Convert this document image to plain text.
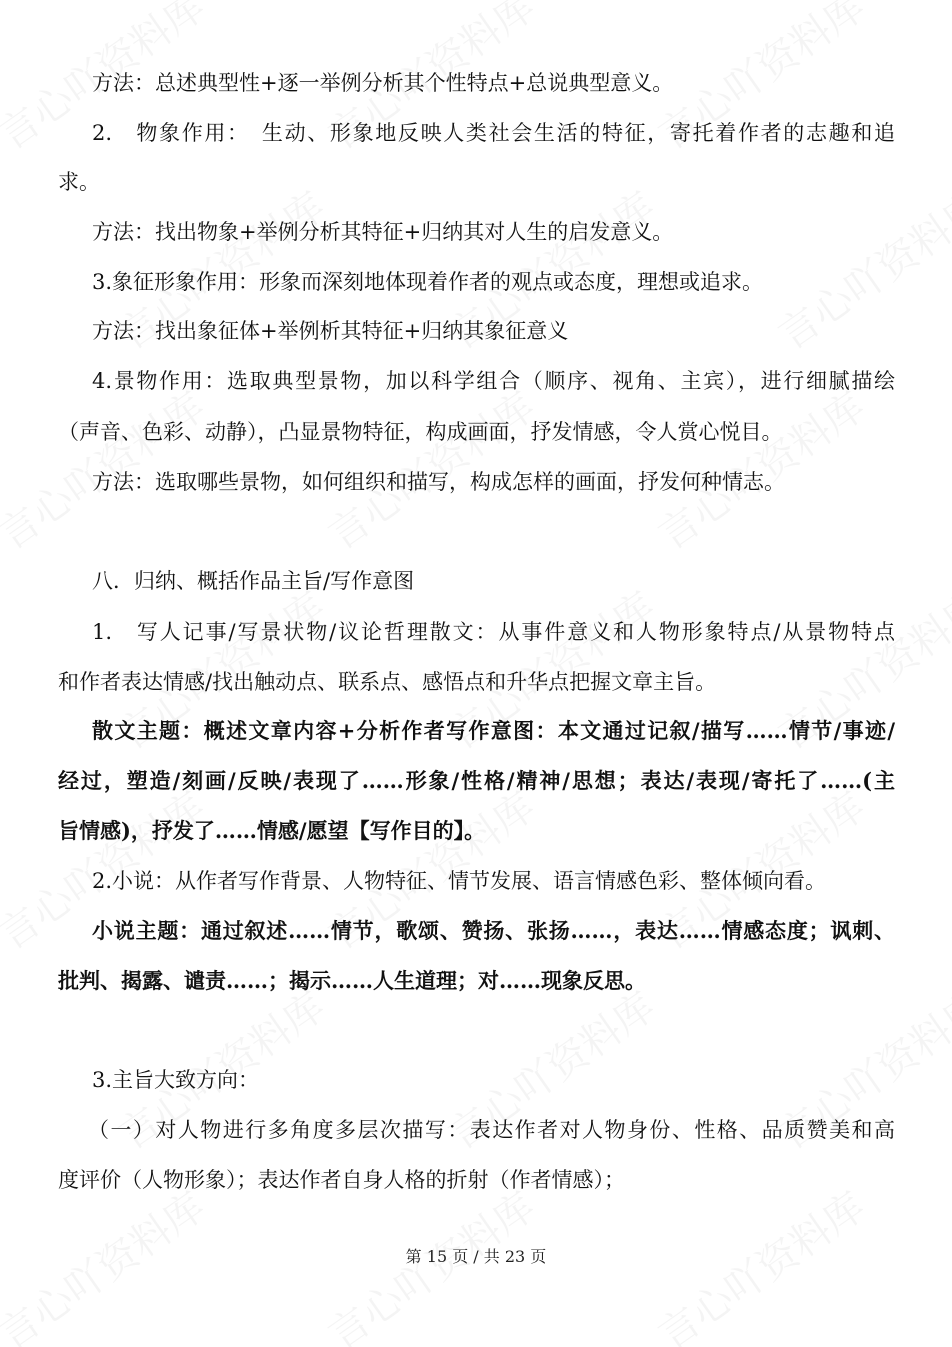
方法：总述典型性+逐一举例分析其个性特点+总说典型意义。
2.　物象作用：　生动、形象地反映人类社会生活的特征，寄托着作者的志趣和追
求。
方法：找出物象+举例分析其特征+归纳其对人生的启发意义。
3.象征形象作用：形象而深刻地体现着作者的观点或态度，理想或追求。
方法：找出象征体+举例析其特征+归纳其象征意义
4.景物作用：选取典型景物，加以科学组合（顺序、视角、主宾），进行细腻描绘
（声音、色彩、动静），凸显景物特征，构成画面，抒发情感，令人赏心悦目。
方法：选取哪些景物，如何组织和描写，构成怎样的画面，抒发何种情志。
八．归纳、概括作品主旨/写作意图
1.　写人记事/写景状物/议论哲理散文：从事件意义和人物形象特点/从景物特点
和作者表达情感/找出触动点、联系点、感悟点和升华点把握文章主旨。
散文主题：概述文章内容+分析作者写作意图：本文通过记叙/描写……情节/事迹/
经过，塑造/刻画/反映/表现了……形象/性格/精神/思想；表达/表现/寄托了……(主
旨情感)，抒发了……情感/愿望【写作目的】。
2.小说：从作者写作背景、人物特征、情节发展、语言情感色彩、整体倾向看。
小说主题：通过叙述……情节，歌颂、赞扬、张扬……，表达……情感态度；讽刺、
批判、揭露、谴责……；揭示……人生道理；对……现象反思。
3.主旨大致方向：
（一）对人物进行多角度多层次描写：表达作者对人物身份、性格、品质赞美和高
度评价（人物形象）；表达作者自身人格的折射（作者情感）；
第 15 页 / 共 23 页
